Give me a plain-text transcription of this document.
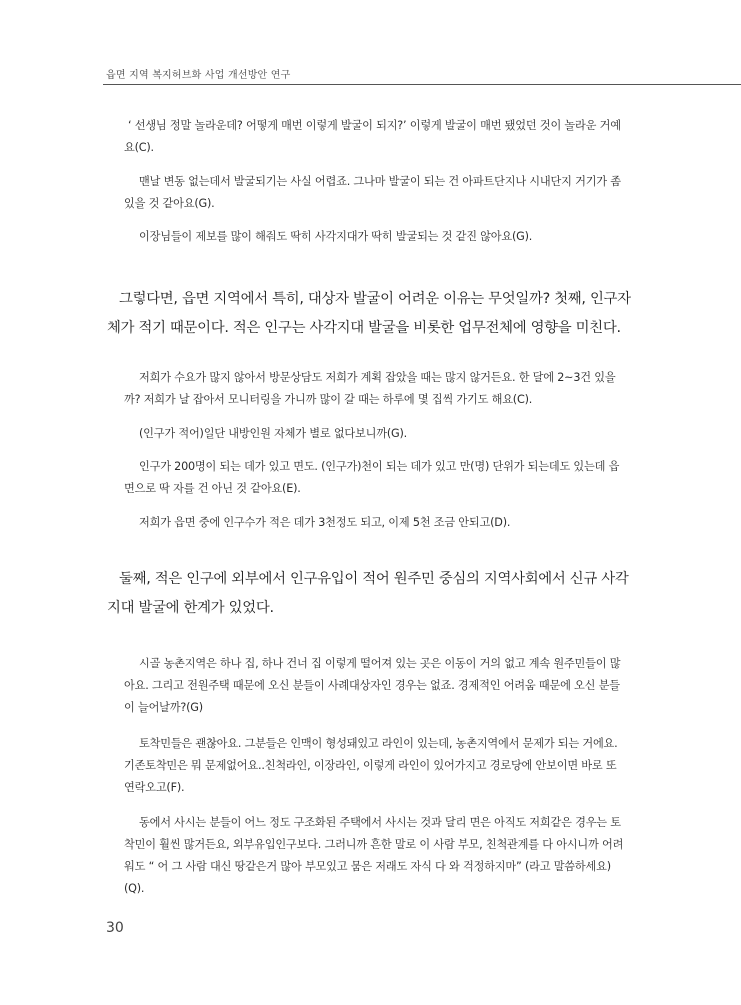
읍면 지역 복지허브화 사업 개선방안 연구

‘ 선생님 정말 놀라운데? 어떻게 매번 이렇게 발굴이 되지?’ 이렇게 발굴이 매번 됐었던 것이 놀라운 거예요(C).

맨날 변동 없는데서 발굴되기는 사실 어렵죠. 그나마 발굴이 되는 건 아파트단지나 시내단지 거기가 좀 있을 것 같아요(G).

이장님들이 제보를 많이 해줘도 딱히 사각지대가 딱히 발굴되는 것 같진 않아요(G).

그렇다면, 읍면 지역에서 특히, 대상자 발굴이 어려운 이유는 무엇일까? 첫째, 인구자체가 적기 때문이다. 적은 인구는 사각지대 발굴을 비롯한 업무전체에 영향을 미친다.

저희가 수요가 많지 않아서 방문상담도 저희가 계획 잡았을 때는 많지 않거든요. 한 달에 2~3건 있을까? 저희가 날 잡아서 모니터링을 가니까 많이 갈 때는 하루에 몇 집씩 가기도 해요(C).

(인구가 적어)일단 내방인원 자체가 별로 없다보니까(G).

인구가 200명이 되는 데가 있고 면도. (인구가)천이 되는 데가 있고 만(명) 단위가 되는데도 있는데 읍면으로 딱 자를 건 아닌 것 같아요(E).

저희가 읍면 중에 인구수가 적은 데가 3천정도 되고, 이제 5천 조금 안되고(D).

둘째, 적은 인구에 외부에서 인구유입이 적어 원주민 중심의 지역사회에서 신규 사각지대 발굴에 한계가 있었다.

시골 농촌지역은 하나 집, 하나 건너 집 이렇게 떨어져 있는 곳은 이동이 거의 없고 계속 원주민들이 많아요. 그리고 전원주택 때문에 오신 분들이 사례대상자인 경우는 없죠. 경제적인 어려움 때문에 오신 분들이 늘어날까?(G)

토착민들은 괜찮아요. 그분들은 인맥이 형성돼있고 라인이 있는데, 농촌지역에서 문제가 되는 거에요. 기존토착민은 뭐 문제없어요..친척라인, 이장라인, 이렇게 라인이 있어가지고 경로당에 안보이면 바로 또 연락오고(F).

동에서 사시는 분들이 어느 정도 구조화된 주택에서 사시는 것과 달리 면은 아직도 저희같은 경우는 토착민이 훨씬 많거든요, 외부유입인구보다. 그러니까 흔한 말로 이 사람 부모, 친척관계를 다 아시니까 어려워도 “ 어 그 사람 대신 땅같은거 많아 부모있고 뭄은 저래도 자식 다 와 걱정하지마” (라고 말씀하세요)(Q).

30
